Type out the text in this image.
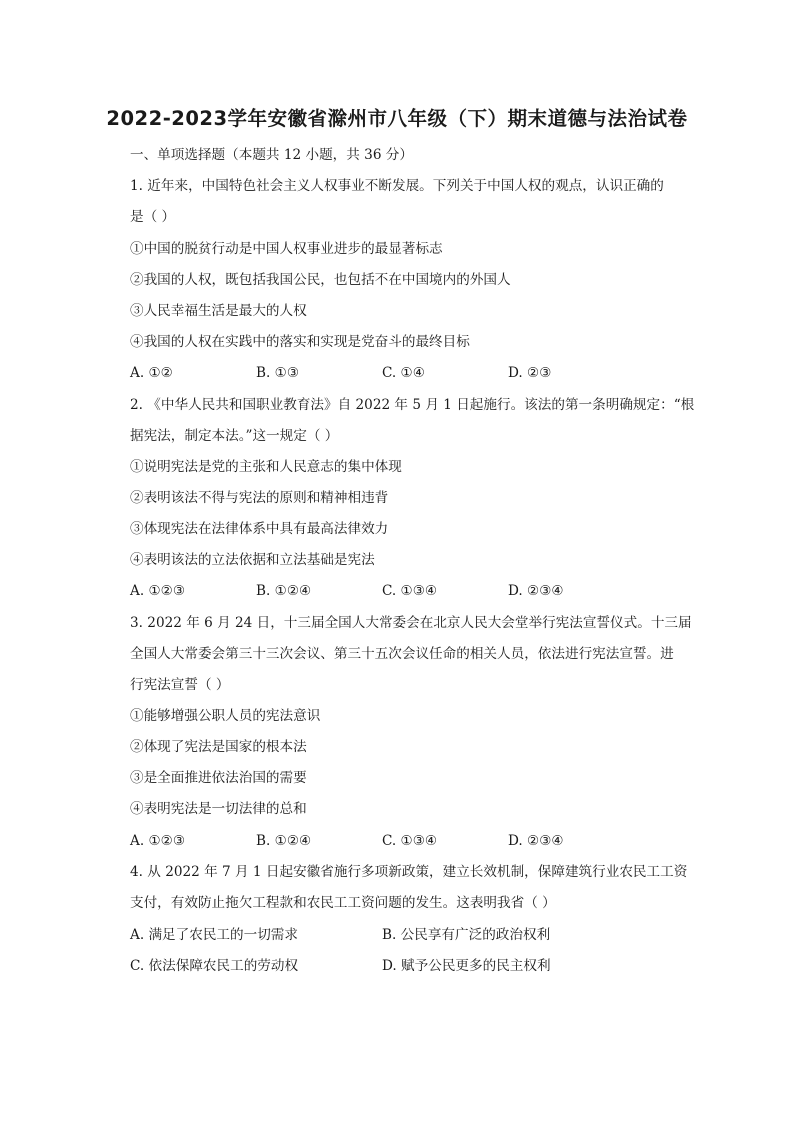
2022-2023学年安徽省滁州市八年级（下）期末道德与法治试卷
一、单项选择题（本题共 12 小题，共 36 分）
1. 近年来，中国特色社会主义人权事业不断发展。下列关于中国人权的观点，认识正确的
是（ ）
①中国的脱贫行动是中国人权事业进步的最显著标志
②我国的人权，既包括我国公民，也包括不在中国境内的外国人
③人民幸福生活是最大的人权
④我国的人权在实践中的落实和实现是党奋斗的最终目标
A. ①②	B. ①③	C. ①④	D. ②③
2. 《中华人民共和国职业教育法》自 2022 年 5 月 1 日起施行。该法的第一条明确规定：“根
据宪法，制定本法。”这一规定（ ）
①说明宪法是党的主张和人民意志的集中体现
②表明该法不得与宪法的原则和精神相违背
③体现宪法在法律体系中具有最高法律效力
④表明该法的立法依据和立法基础是宪法
A. ①②③	B. ①②④	C. ①③④	D. ②③④
3. 2022 年 6 月 24 日，十三届全国人大常委会在北京人民大会堂举行宪法宣誓仪式。十三届
全国人大常委会第三十三次会议、第三十五次会议任命的相关人员，依法进行宪法宣誓。进
行宪法宣誓（ ）
①能够增强公职人员的宪法意识
②体现了宪法是国家的根本法
③是全面推进依法治国的需要
④表明宪法是一切法律的总和
A. ①②③	B. ①②④	C. ①③④	D. ②③④
4. 从 2022 年 7 月 1 日起安徽省施行多项新政策，建立长效机制，保障建筑行业农民工工资
支付，有效防止拖欠工程款和农民工工资问题的发生。这表明我省（ ）
A. 满足了农民工的一切需求	B. 公民享有广泛的政治权利
C. 依法保障农民工的劳动权	D. 赋予公民更多的民主权利
